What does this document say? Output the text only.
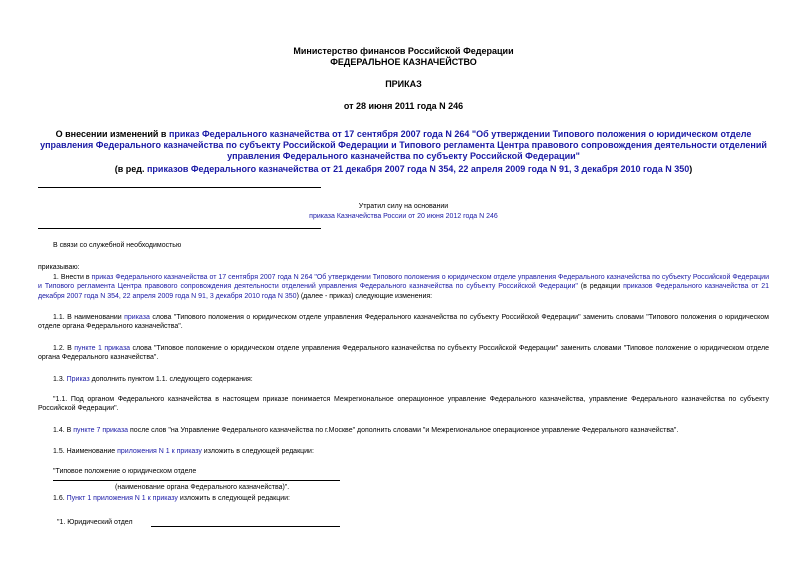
Министерство финансов Российской Федерации
ФЕДЕРАЛЬНОЕ КАЗНАЧЕЙСТВО
ПРИКАЗ
от 28 июня 2011 года N 246
О внесении изменений в приказ Федерального казначейства от 17 сентября 2007 года N 264 "Об утверждении Типового положения о юридическом отделе управления Федерального казначейства по субъекту Российской Федерации и Типового регламента Центра правового сопровождения деятельности отделений управления Федерального казначейства по субъекту Российской Федерации"
(в ред. приказов Федерального казначейства от 21 декабря 2007 года N 354, 22 апреля 2009 года N 91, 3 декабря 2010 года N 350)
Утратил силу на основании
приказа Казначейства России от 20 июня 2012 года N 246
В связи со служебной необходимостью
приказываю:
1. Внести в приказ Федерального казначейства от 17 сентября 2007 года N 264 "Об утверждении Типового положения о юридическом отделе управления Федерального казначейства по субъекту Российской Федерации и Типового регламента Центра правового сопровождения деятельности отделений управления Федерального казначейства по субъекту Российской Федерации" (в редакции приказов Федерального казначейства от 21 декабря 2007 года N 354, 22 апреля 2009 года N 91, 3 декабря 2010 года N 350) (далее - приказ) следующие изменения:
1.1. В наименовании приказа слова "Типового положения о юридическом отделе управления Федерального казначейства по субъекту Российской Федерации" заменить словами "Типового положения о юридическом отделе органа Федерального казначейства".
1.2. В пункте 1 приказа слова "Типовое положение о юридическом отделе управления Федерального казначейства по субъекту Российской Федерации" заменить словами "Типовое положение о юридическом отделе органа Федерального казначейства".
1.3. Приказ дополнить пунктом 1.1. следующего содержания:
"1.1. Под органом Федерального казначейства в настоящем приказе понимается Межрегиональное операционное управление Федерального казначейства, управление Федерального казначейства по субъекту Российской Федерации".
1.4. В пункте 7 приказа после слов "на Управление Федерального казначейства по г.Москве" дополнить словами "и Межрегиональное операционное управление Федерального казначейства".
1.5. Наименование приложения N 1 к приказу изложить в следующей редакции:
"Типовое положение о юридическом отделе
(наименование органа Федерального казначейства)".
1.6. Пункт 1 приложения N 1 к приказу изложить в следующей редакции:
"1. Юридический отдел
